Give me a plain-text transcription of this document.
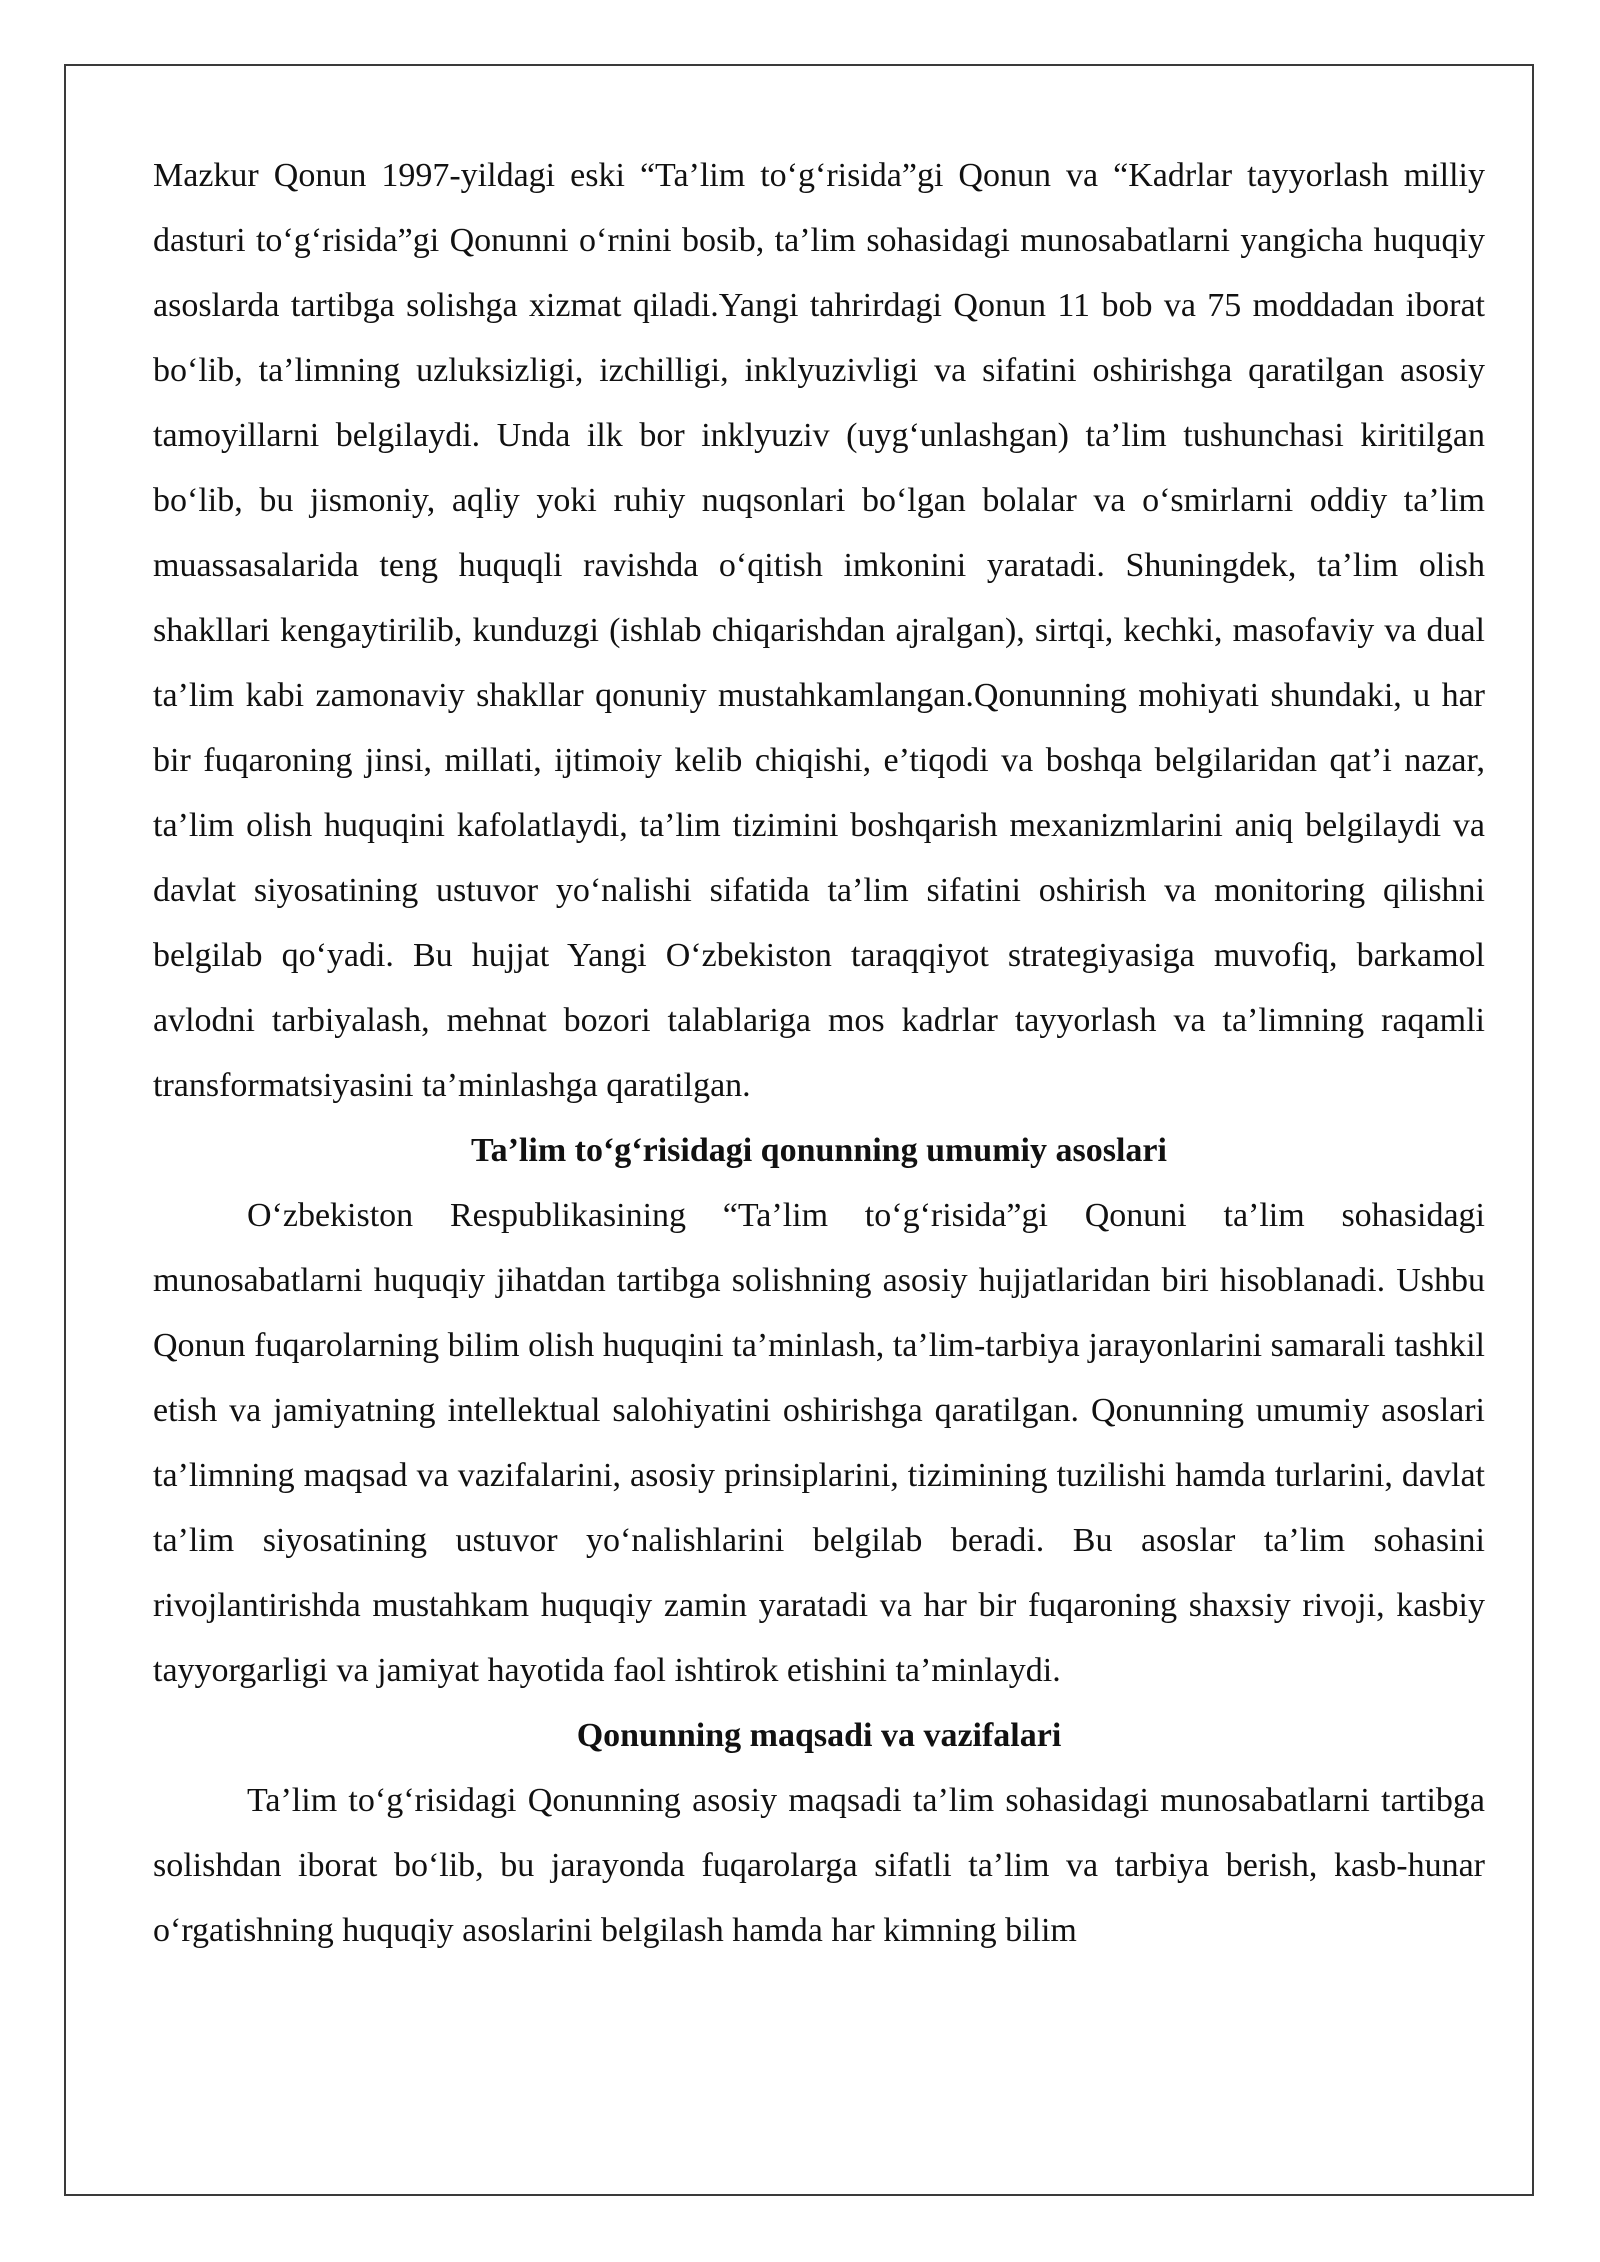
Mazkur Qonun 1997-yildagi eski “Ta’lim to‘g‘risida”gi Qonun va “Kadrlar tayyorlash milliy dasturi to‘g‘risida”gi Qonunni o‘rnini bosib, ta’lim sohasidagi munosabatlarni yangicha huquqiy asoslarda tartibga solishga xizmat qiladi.Yangi tahrirdagi Qonun 11 bob va 75 moddadan iborat bo‘lib, ta’limning uzluksizligi, izchilligi, inklyuzivligi va sifatini oshirishga qaratilgan asosiy tamoyillarni belgilaydi. Unda ilk bor inklyuziv (uyg‘unlashgan) ta’lim tushunchasi kiritilgan bo‘lib, bu jismoniy, aqliy yoki ruhiy nuqsonlari bo‘lgan bolalar va o‘smirlarni oddiy ta’lim muassasalarida teng huquqli ravishda o‘qitish imkonini yaratadi. Shuningdek, ta’lim olish shakllari kengaytirilib, kunduzgi (ishlab chiqarishdan ajralgan), sirtqi, kechki, masofaviy va dual ta’lim kabi zamonaviy shakllar qonuniy mustahkamlangan.Qonunning mohiyati shundaki, u har bir fuqaroning jinsi, millati, ijtimoiy kelib chiqishi, e’tiqodi va boshqa belgilaridan qat’i nazar, ta’lim olish huquqini kafolatlaydi, ta’lim tizimini boshqarish mexanizmlarini aniq belgilaydi va davlat siyosatining ustuvor yo‘nalishi sifatida ta’lim sifatini oshirish va monitoring qilishni belgilab qo‘yadi. Bu hujjat Yangi O‘zbekiston taraqqiyot strategiyasiga muvofiq, barkamol avlodni tarbiyalash, mehnat bozori talablariga mos kadrlar tayyorlash va ta’limning raqamli transformatsiyasini ta’minlashga qaratilgan.

Ta’lim to‘g‘risidagi qonunning umumiy asoslari

O‘zbekiston Respublikasining “Ta’lim to‘g‘risida”gi Qonuni ta’lim sohasidagi munosabatlarni huquqiy jihatdan tartibga solishning asosiy hujjatlaridan biri hisoblanadi. Ushbu Qonun fuqarolarning bilim olish huquqini ta’minlash, ta’lim-tarbiya jarayonlarini samarali tashkil etish va jamiyatning intellektual salohiyatini oshirishga qaratilgan. Qonunning umumiy asoslari ta’limning maqsad va vazifalarini, asosiy prinsiplarini, tizimining tuzilishi hamda turlarini, davlat ta’lim siyosatining ustuvor yo‘nalishlarini belgilab beradi. Bu asoslar ta’lim sohasini rivojlantirishda mustahkam huquqiy zamin yaratadi va har bir fuqaroning shaxsiy rivoji, kasbiy tayyorgarligi va jamiyat hayotida faol ishtirok etishini ta’minlaydi.

Qonunning maqsadi va vazifalari

Ta’lim to‘g‘risidagi Qonunning asosiy maqsadi ta’lim sohasidagi munosabatlarni tartibga solishdan iborat bo‘lib, bu jarayonda fuqarolarga sifatli ta’lim va tarbiya berish, kasb-hunar o‘rgatishning huquqiy asoslarini belgilash hamda har kimning bilim
